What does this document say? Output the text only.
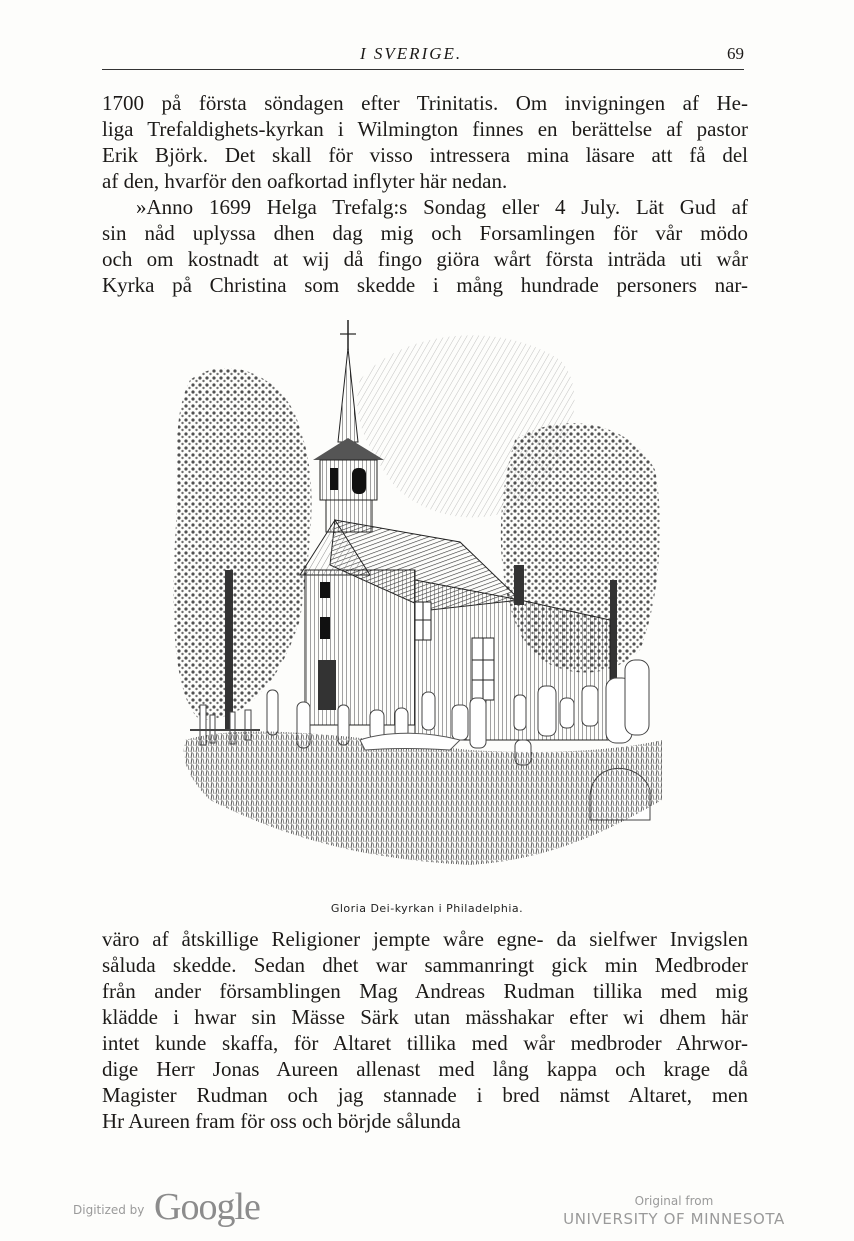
I SVERIGE.	69

1700 på första söndagen efter Trinitatis. Om invigningen af He-

liga Trefaldighets-kyrkan i Wilmington finnes en berättelse af pastor

Erik Björk. Det skall för visso intressera mina läsare att få del

af den, hvarför den oafkortad inflyter här nedan.

»Anno 1699 Helga Trefalg:s Sondag eller 4 July. Lät Gud af

sin nåd uplyssa dhen dag mig och Forsamlingen för vår mödo

och om kostnadt at wij då fingo giöra wårt första inträda uti wår

Kyrka på Christina som skedde i mång hundrade personers nar-

Gloria Dei-kyrkan i Philadelphia.

väro af åtskillige Religioner jempte wåre egne- da sielfwer Invigslen

såluda skedde. Sedan dhet war sammanringt gick min Medbroder

från ander församblingen Mag Andreas Rudman tillika med mig

klädde i hwar sin Mässe Särk utan mässhakar efter wi dhem här

intet kunde skaffa, för Altaret tillika med wår medbroder Ahrwor-

dige Herr Jonas Aureen allenast med lång kappa och krage då

Magister Rudman och jag stannade i bred nämst Altaret, men

Hr Aureen fram för oss och börjde sålunda

Digitized by Google	Original from
UNIVERSITY OF MINNESOTA
